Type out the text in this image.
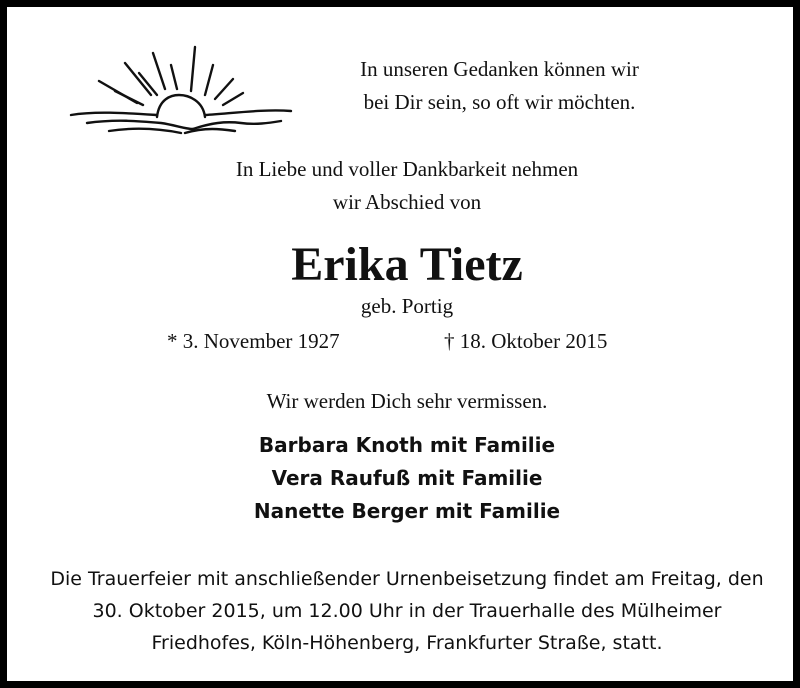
In unseren Gedanken können wir
bei Dir sein, so oft wir möchten.
In Liebe und voller Dankbarkeit nehmen
wir Abschied von
Erika Tietz
geb. Portig
* 3. November 1927	† 18. Oktober 2015
Wir werden Dich sehr vermissen.
Barbara Knoth mit Familie
Vera Raufuß mit Familie
Nanette Berger mit Familie
Die Trauerfeier mit anschließender Urnenbeisetzung findet am Freitag, den
30. Oktober 2015, um 12.00 Uhr in der Trauerhalle des Mülheimer
Friedhofes, Köln-Höhenberg, Frankfurter Straße, statt.
